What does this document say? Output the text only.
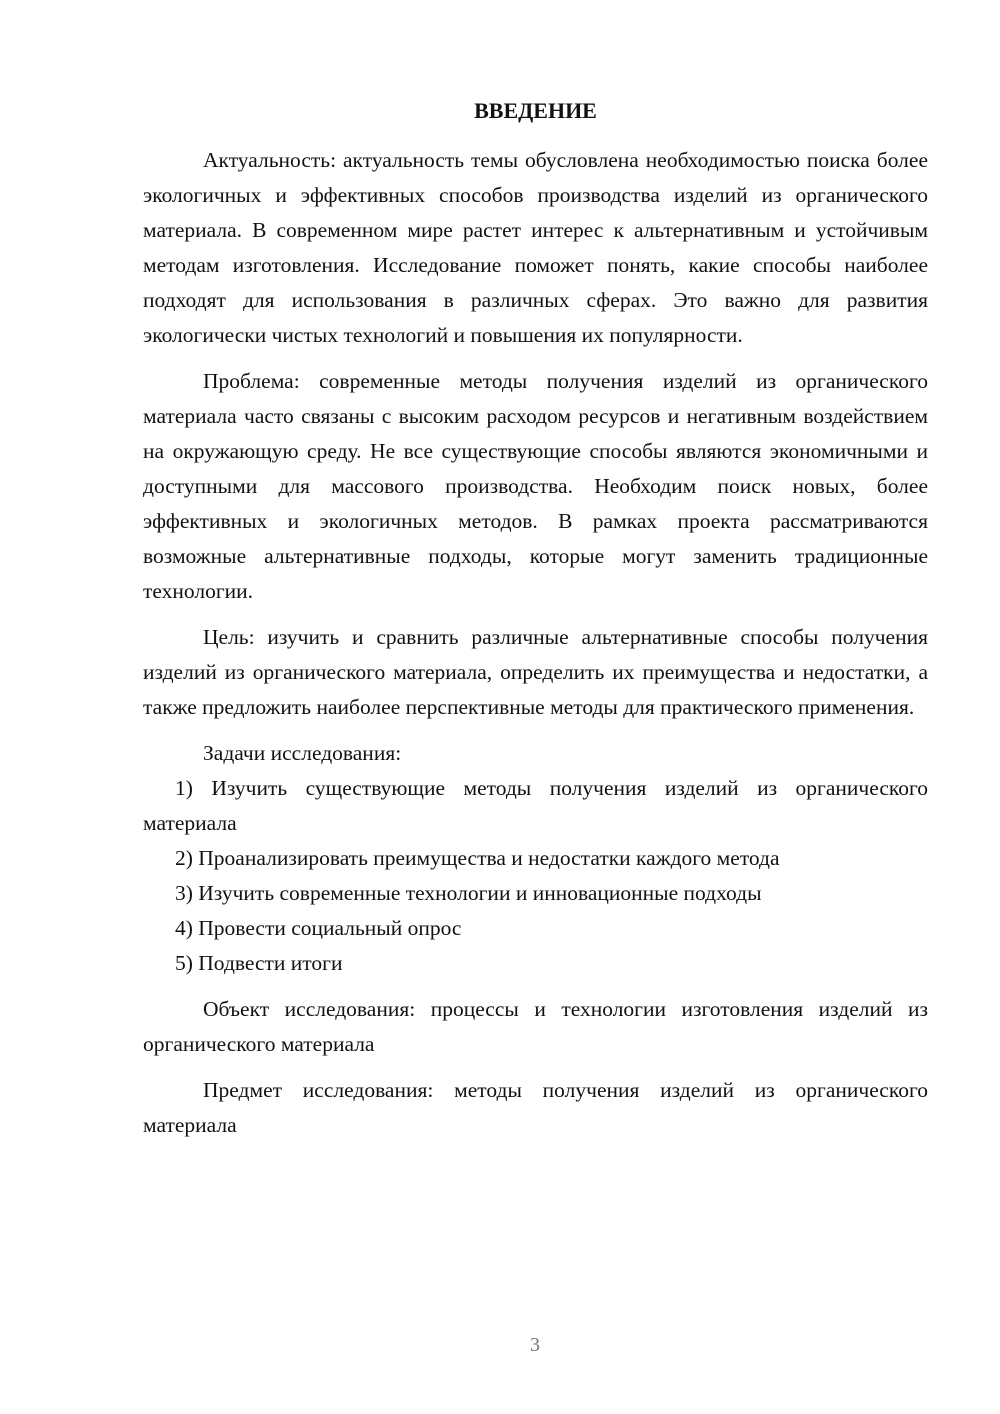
ВВЕДЕНИЕ

Актуальность: актуальность темы обусловлена необходимостью поиска более экологичных и эффективных способов производства изделий из органического материала. В современном мире растет интерес к альтернативным и устойчивым методам изготовления. Исследование поможет понять, какие способы наиболее подходят для использования в различных сферах. Это важно для развития экологически чистых технологий и повышения их популярности.

Проблема: современные методы получения изделий из органического материала часто связаны с высоким расходом ресурсов и негативным воздействием на окружающую среду. Не все существующие способы являются экономичными и доступными для массового производства. Необходим поиск новых, более эффективных и экологичных методов. В рамках проекта рассматриваются возможные альтернативные подходы, которые могут заменить традиционные технологии.

Цель: изучить и сравнить различные альтернативные способы получения изделий из органического материала, определить их преимущества и недостатки, а также предложить наиболее перспективные методы для практического применения.

Задачи исследования:

1) Изучить существующие методы получения изделий из органического материала

2) Проанализировать преимущества и недостатки каждого метода

3) Изучить современные технологии и инновационные подходы

4) Провести социальный опрос

5) Подвести итоги

Объект исследования: процессы и технологии изготовления изделий из органического материала

Предмет исследования: методы получения изделий из органического материала

3
